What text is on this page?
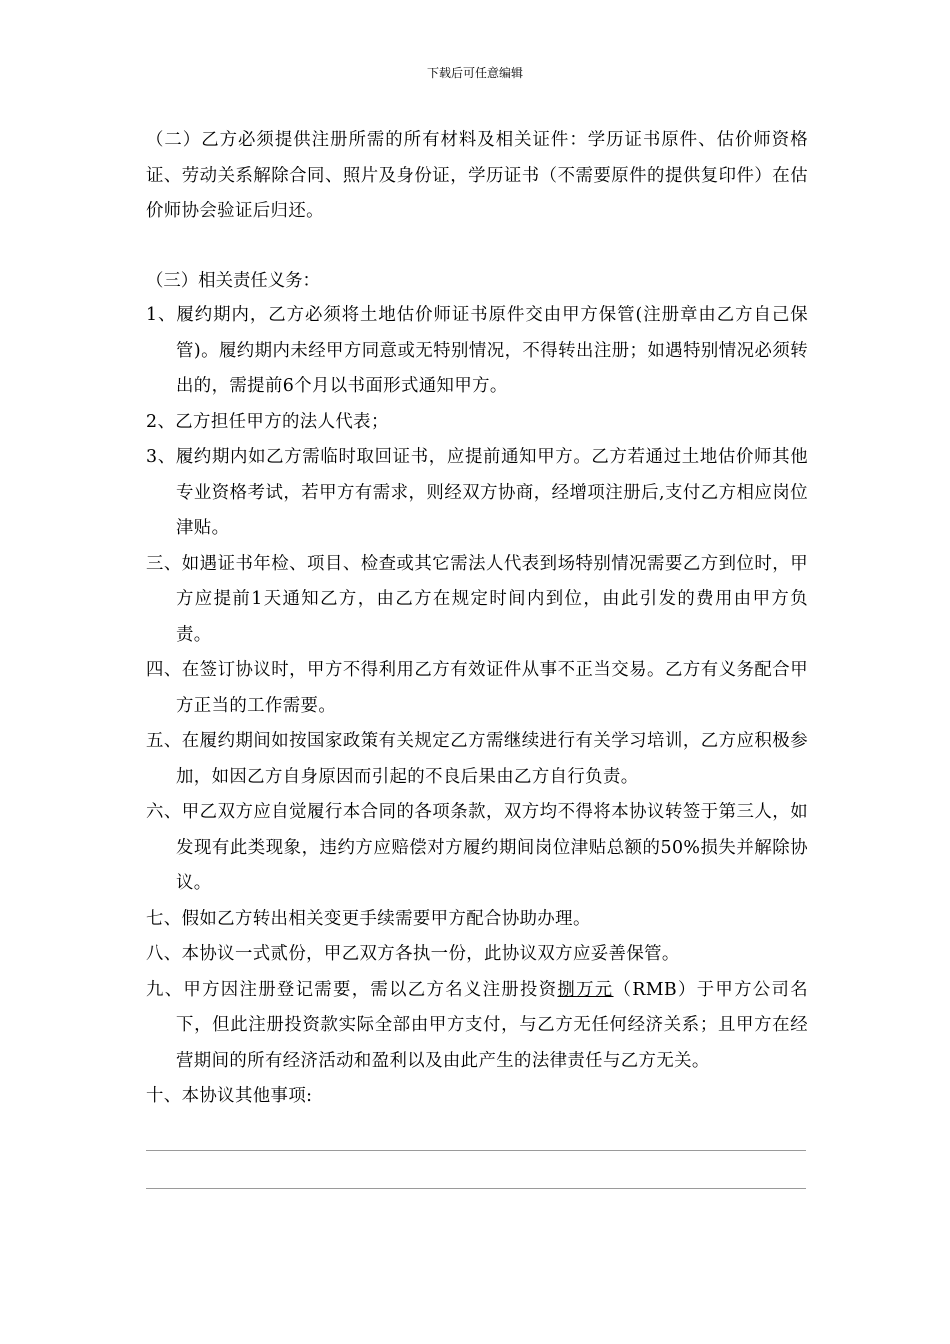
下载后可任意编辑

（二）乙方必须提供注册所需的所有材料及相关证件：学历证书原件、估价师资格证、劳动关系解除合同、照片及身份证，学历证书（不需要原件的提供复印件）在估价师协会验证后归还。

（三）相关责任义务：

1、履约期内，乙方必须将土地估价师证书原件交由甲方保管(注册章由乙方自己保管)。履约期内未经甲方同意或无特别情况，不得转出注册；如遇特别情况必须转出的，需提前6个月以书面形式通知甲方。
2、乙方担任甲方的法人代表；
3、履约期内如乙方需临时取回证书，应提前通知甲方。乙方若通过土地估价师其他专业资格考试，若甲方有需求，则经双方协商，经增项注册后,支付乙方相应岗位津贴。
三、如遇证书年检、项目、检查或其它需法人代表到场特别情况需要乙方到位时，甲方应提前1天通知乙方，由乙方在规定时间内到位，由此引发的费用由甲方负责。
四、在签订协议时，甲方不得利用乙方有效证件从事不正当交易。乙方有义务配合甲方正当的工作需要。
五、在履约期间如按国家政策有关规定乙方需继续进行有关学习培训，乙方应积极参加，如因乙方自身原因而引起的不良后果由乙方自行负责。
六、甲乙双方应自觉履行本合同的各项条款，双方均不得将本协议转签于第三人，如发现有此类现象，违约方应赔偿对方履约期间岗位津贴总额的50%损失并解除协议。
七、假如乙方转出相关变更手续需要甲方配合协助办理。
八、本协议一式贰份，甲乙双方各执一份，此协议双方应妥善保管。
九、甲方因注册登记需要，需以乙方名义注册投资捌万元（RMB）于甲方公司名下，但此注册投资款实际全部由甲方支付，与乙方无任何经济关系；且甲方在经营期间的所有经济活动和盈利以及由此产生的法律责任与乙方无关。
十、本协议其他事项:
